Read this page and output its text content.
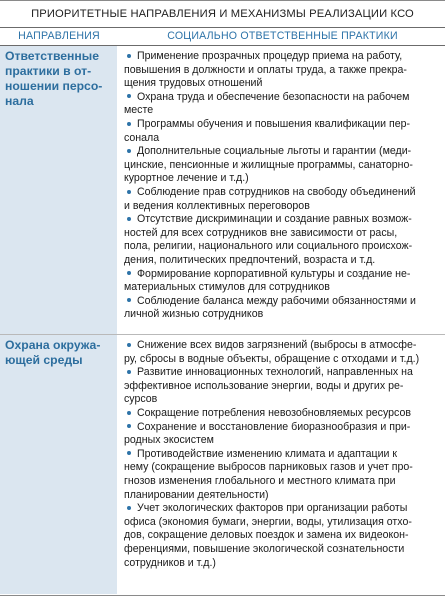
ПРИОРИТЕТНЫЕ НАПРАВЛЕНИЯ И МЕХАНИЗМЫ РЕАЛИЗАЦИИ КСО
НАПРАВЛЕНИЯ	СОЦИАЛЬНО ОТВЕТСТВЕННЫЕ ПРАКТИКИ
Ответственные
практики в от-
ношении персо-
нала
Применение прозрачных процедур приема на работу,
повышения в должности и оплаты труда, а также прекра-
щения трудовых отношений
Охрана труда и обеспечение безопасности на рабочем
месте
Программы обучения и повышения квалификации пер-
сонала
Дополнительные социальные льготы и гарантии (меди-
цинские, пенсионные и жилищные программы, санаторно-
курортное лечение и т.д.)
Соблюдение прав сотрудников на свободу объединений
и ведения коллективных переговоров
Отсутствие дискриминации и создание равных возмож-
ностей для всех сотрудников вне зависимости от расы,
пола, религии, национального или социального происхож-
дения, политических предпочтений, возраста и т.д.
Формирование корпоративной культуры и создание не-
материальных стимулов для сотрудников
Соблюдение баланса между рабочими обязанностями и
личной жизнью сотрудников
Охрана окружа-
ющей среды
Снижение всех видов загрязнений (выбросы в атмосфе-
ру, сбросы в водные объекты, обращение с отходами и т.д.)
Развитие инновационных технологий, направленных на
эффективное использование энергии, воды и других ре-
сурсов
Сокращение потребления невозобновляемых ресурсов
Сохранение и восстановление биоразнообразия и при-
родных экосистем
Противодействие изменению климата и адаптации к
нему (сокращение выбросов парниковых газов и учет про-
гнозов изменения глобального и местного климата при
планировании деятельности)
Учет экологических факторов при организации работы
офиса (экономия бумаги, энергии, воды, утилизация отхо-
дов, сокращение деловых поездок и замена их видеокон-
ференциями, повышение экологической сознательности
сотрудников и т.д.)
